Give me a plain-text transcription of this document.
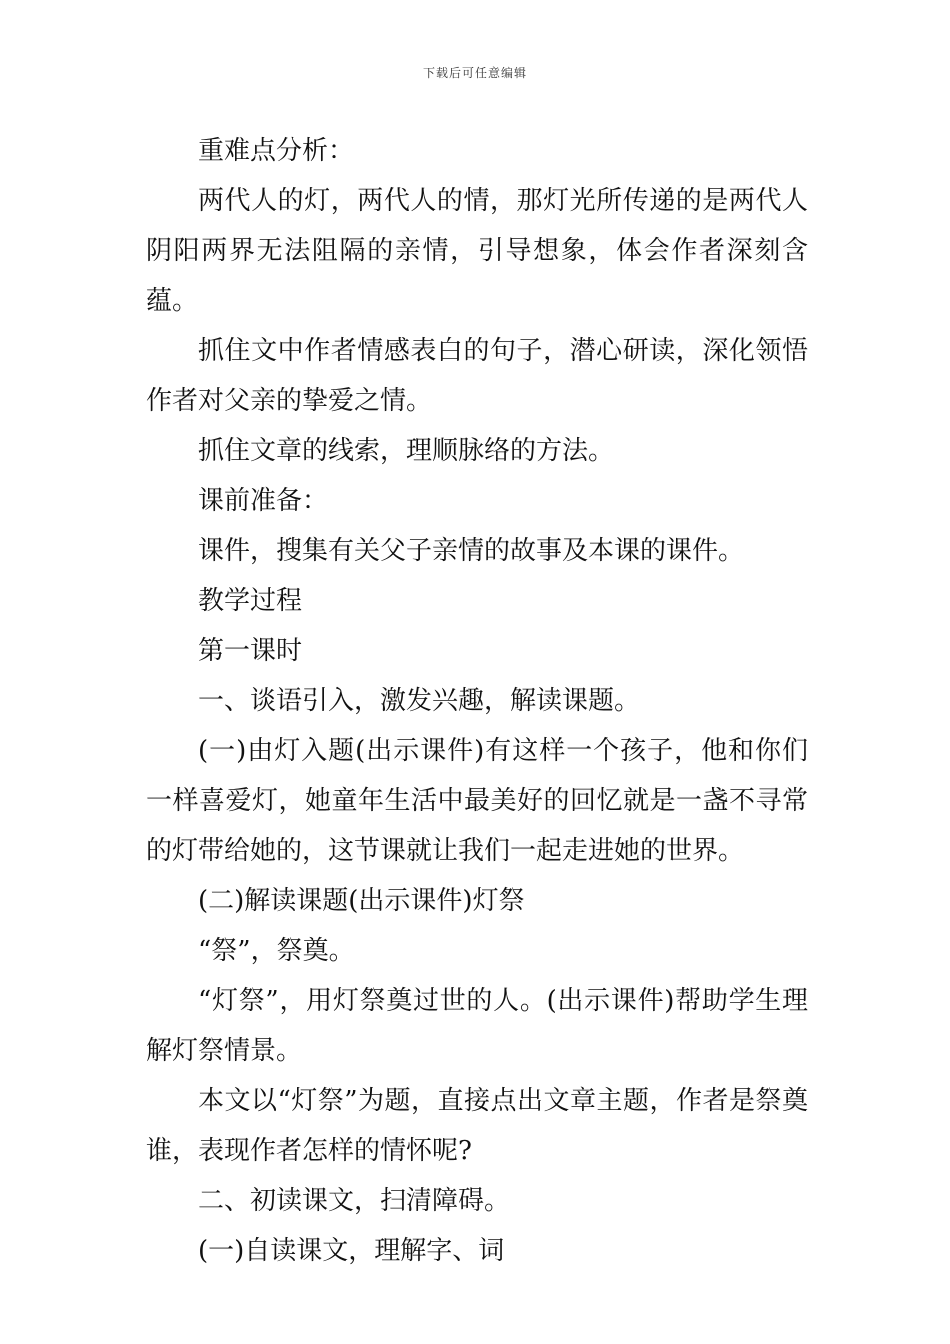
下载后可任意编辑

重难点分析：

两代人的灯，两代人的情，那灯光所传递的是两代人阴阳两界无法阻隔的亲情，引导想象，体会作者深刻含蕴。

抓住文中作者情感表白的句子，潜心研读，深化领悟作者对父亲的挚爱之情。

抓住文章的线索，理顺脉络的方法。

课前准备：

课件，搜集有关父子亲情的故事及本课的课件。

教学过程

第一课时

一、谈语引入，激发兴趣，解读课题。

(一)由灯入题(出示课件)有这样一个孩子，他和你们一样喜爱灯，她童年生活中最美好的回忆就是一盏不寻常的灯带给她的，这节课就让我们一起走进她的世界。

(二)解读课题(出示课件)灯祭

“祭”，祭奠。

“灯祭”，用灯祭奠过世的人。(出示课件)帮助学生理解灯祭情景。

本文以“灯祭”为题，直接点出文章主题，作者是祭奠谁，表现作者怎样的情怀呢?

二、初读课文，扫清障碍。

(一)自读课文，理解字、词
